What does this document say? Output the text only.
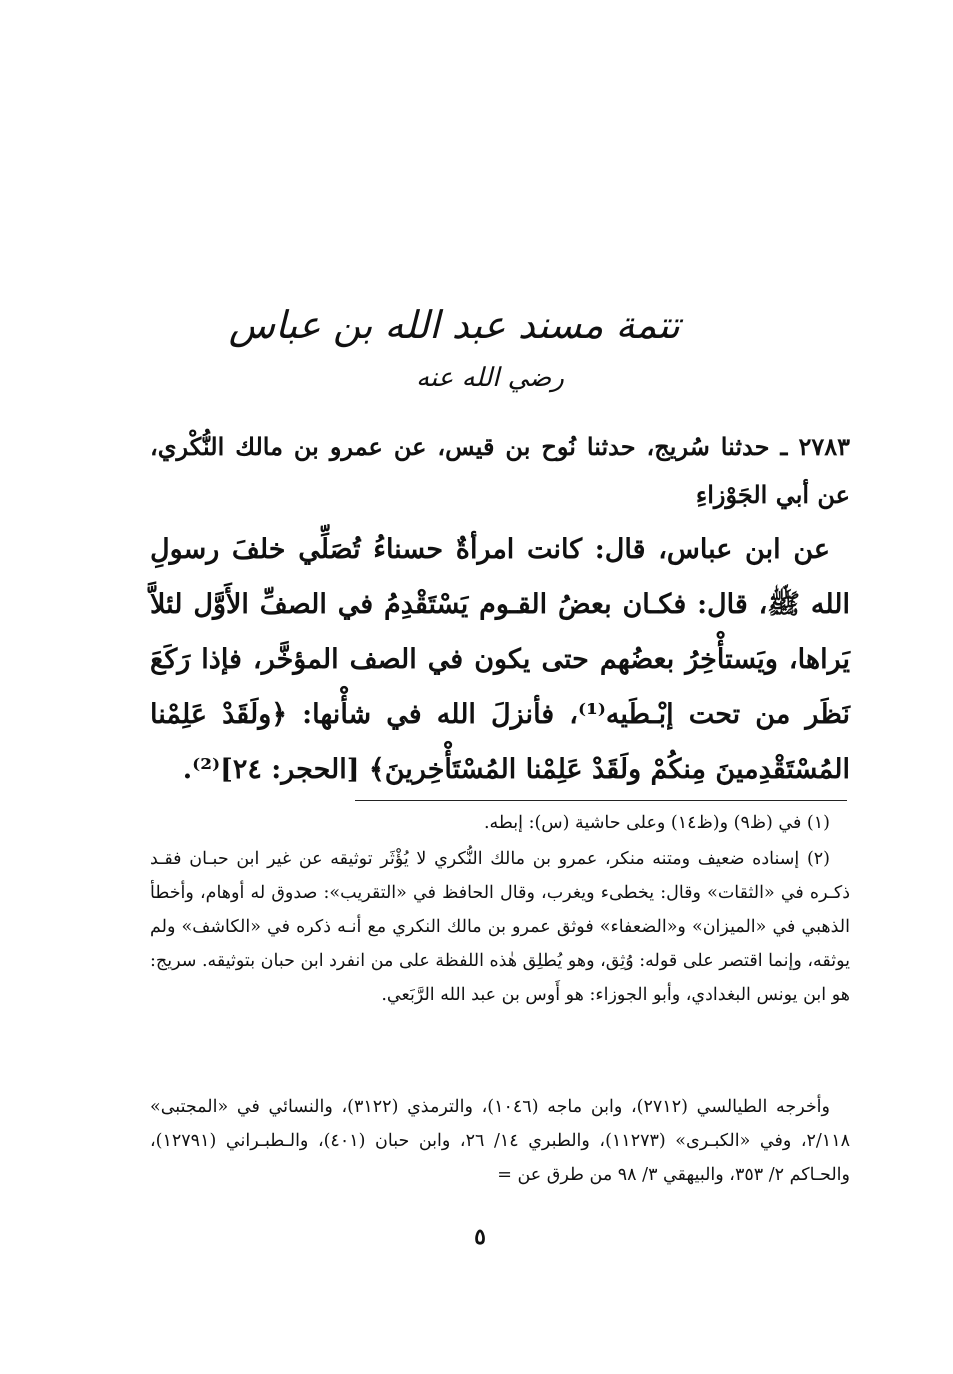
تتمة مسند عبد الله بن عباس
رضي الله عنه
٢٧٨٣ ـ حدثنا سُريج، حدثنا نُوح بن قيس، عن عمرو بن مالك النُّكْري، عن أبي الجَوْزاءِ
عن ابن عباس، قال: كانت امرأةٌ حسناءُ تُصَلِّي خلفَ رسولِ الله ﷺ، قال: فكـان بعضُ القـوم يَسْتَقْدِمُ في الصفِّ الأَوَّل لئلاَّ يَراها، ويَستأْخِرُ بعضُهم حتى يكون في الصف المؤخَّر، فإذا رَكَعَ نَظَر من تحت إبْـطَيه⁽¹⁾، فأنزلَ الله في شأْنها: ﴿ولَقَدْ عَلِمْنا المُسْتَقْدِمينَ مِنكُمْ ولَقَدْ عَلِمْنا المُسْتَأْخِرينَ﴾ [الحجر: ٢٤]⁽²⁾.
(١) في (ظ٩) و(ظ١٤) وعلى حاشية (س): إبطه.
(٢) إسناده ضعيف ومتنه منكر، عمرو بن مالك النُّكري لا يُؤْثَر توثيقه عن غير ابن حبـان فقـد ذكـره في «الثقات» وقال: يخطىء ويغرب، وقال الحافظ في «التقريب»: صدوق له أوهام، وأخطأ الذهبي في «الميزان» و«الضعفاء» فوثق عمرو بن مالك النكري مع أنـه ذكره في «الكاشف» ولم يوثقه، وإنما اقتصر على قوله: وُثِق، وهو يُطلِق هٰذه اللفظة على من انفرد ابن حبان بتوثيقه. سريج: هو ابن يونس البغدادي، وأبو الجوزاء: هو أَوس بن عبد الله الرَّبَعي.
وأخرجه الطيالسي (٢٧١٢)، وابن ماجه (١٠٤٦)، والترمذي (٣١٢٢)، والنسائي في «المجتبى» ٢/١١٨، وفي «الكبـرى» (١١٢٧٣)، والطبري ١٤/ ٢٦، وابن حبان (٤٠١)، والـطبـراني (١٢٧٩١)، والحـاكم ٢/ ٣٥٣، والبيهقي ٣/ ٩٨ من طرق عن =
٥
